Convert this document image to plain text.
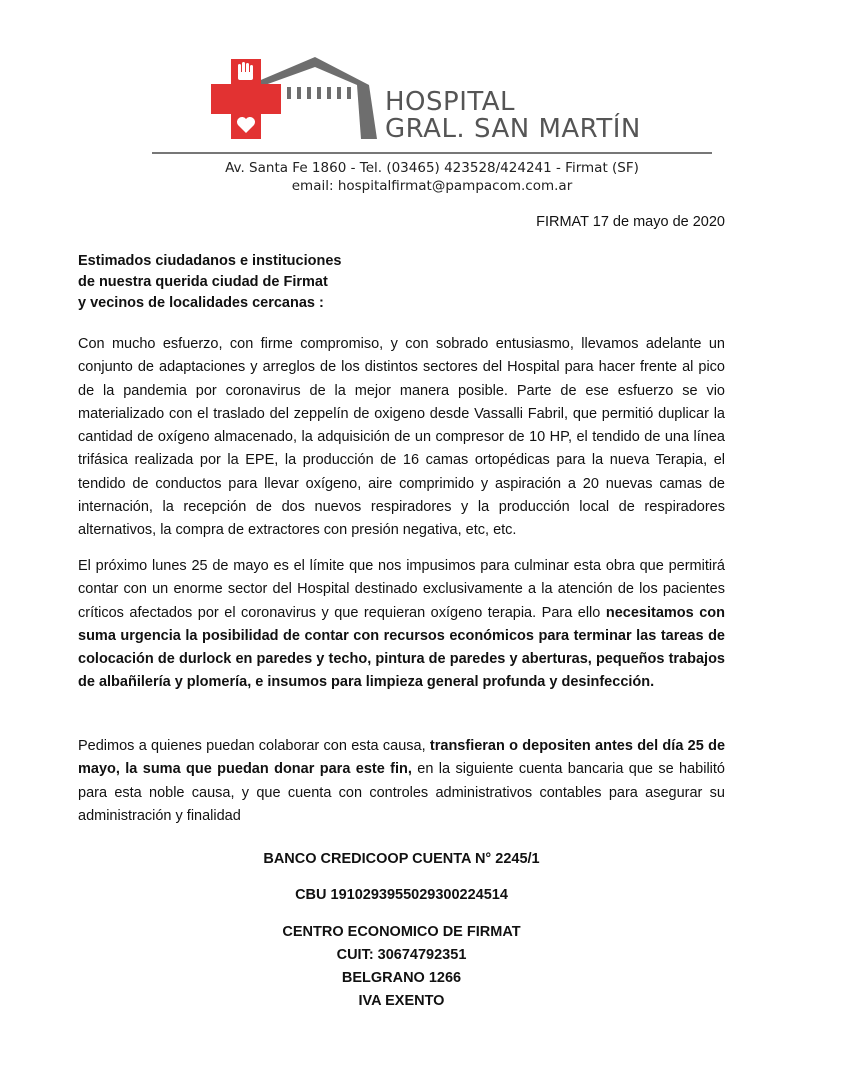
HOSPITAL
GRAL. SAN MARTÍN
Av. Santa Fe 1860 - Tel. (03465) 423528/424241 - Firmat (SF)
email: hospitalfirmat@pampacom.com.ar
FIRMAT 17 de mayo de 2020
Estimados ciudadanos e instituciones
de nuestra querida ciudad de Firmat
y vecinos de localidades cercanas :
Con mucho esfuerzo, con firme compromiso, y con sobrado entusiasmo, llevamos adelante un conjunto de adaptaciones y arreglos de los distintos sectores del Hospital para hacer frente al pico de la pandemia por coronavirus de la mejor manera posible. Parte de ese esfuerzo se vio materializado con el traslado del zeppelín de oxigeno desde Vassalli Fabril, que permitió duplicar la cantidad de oxígeno almacenado, la adquisición de un compresor de 10 HP, el tendido de una línea trifásica realizada por la EPE, la producción de 16 camas ortopédicas para la nueva Terapia, el tendido de conductos para llevar oxígeno, aire comprimido y aspiración a 20 nuevas camas de internación, la recepción de dos nuevos respiradores y la producción local de respiradores alternativos, la compra de extractores con presión negativa, etc, etc.
El próximo lunes 25 de mayo es el límite que nos impusimos para culminar esta obra que permitirá contar con un enorme sector del Hospital destinado exclusivamente a la atención de los pacientes críticos afectados por el coronavirus y que requieran oxígeno terapia. Para ello necesitamos con suma urgencia la posibilidad de contar con recursos económicos para terminar las tareas de colocación de durlock en paredes y techo, pintura de paredes y aberturas, pequeños trabajos de albañilería y plomería, e insumos para limpieza general profunda y desinfección.
Pedimos a quienes puedan colaborar con esta causa, transfieran o depositen antes del día 25 de mayo, la suma que puedan donar para este fin, en la siguiente cuenta bancaria que se habilitó para esta noble causa, y que cuenta con controles administrativos contables para asegurar su administración y finalidad
BANCO CREDICOOP CUENTA N° 2245/1
CBU 1910293955029300224514
CENTRO ECONOMICO DE FIRMAT
CUIT: 30674792351
BELGRANO 1266
IVA EXENTO
